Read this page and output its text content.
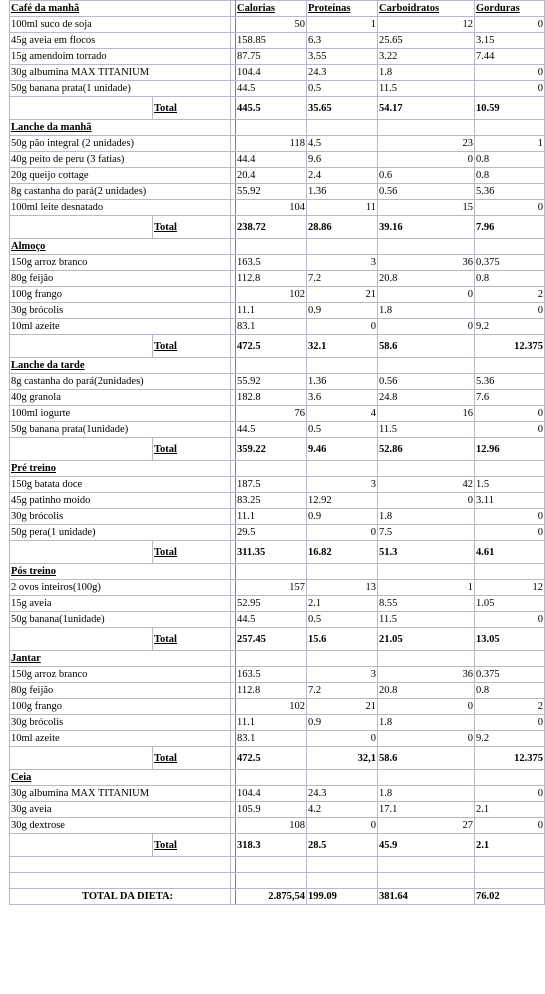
Café da manhã			Calorias	Proteínas	Carboidratos	Gorduras
100ml suco de soja			50	1	12	0
45g aveia em flocos			158.85	6.3	25.65	3.15
15g amendoim torrado			87.75	3.55	3.22	7.44
30g albumina MAX TITANIUM			104.4	24.3	1.8	0
50g banana prata(1 unidade)			44.5	0.5	11.5	0
	Total		445.5	35.65	54.17	10.59
Lanche da manhã						
50g pão integral (2 unidades)			118	4.5	23	1
40g peito de peru (3 fatias)			44.4	9.6	0	0.8
20g queijo cottage			20.4	2.4	0.6	0.8
8g castanha do pará(2 unidades)			55.92	1.36	0.56	5.36
100ml leite desnatado			104	11	15	0
	Total		238.72	28.86	39.16	7.96
Almoço						
150g arroz branco			163.5	3	36	0.375
80g feijão			112.8	7.2	20.8	0.8
100g frango			102	21	0	2
30g brócolis			11.1	0.9	1.8	0
10ml azeite			83.1	0	0	9.2
	Total		472.5	32.1	58.6	12.375
Lanche da tarde						
8g castanha do pará(2unidades)			55.92	1.36	0.56	5.36
40g granola			182.8	3.6	24.8	7.6
100ml iogurte			76	4	16	0
50g banana prata(1unidade)			44.5	0.5	11.5	0
	Total		359.22	9.46	52.86	12.96
Pré treino						
150g batata doce			187.5	3	42	1.5
45g patinho moído			83.25	12.92	0	3.11
30g brócolis			11.1	0.9	1.8	0
50g pera(1 unidade)			29.5	0	7.5	0
	Total		311.35	16.82	51.3	4.61
Pós treino						
2 ovos inteiros(100g)			157	13	1	12
15g aveia			52.95	2.1	8.55	1.05
50g banana(1unidade)			44.5	0.5	11.5	0
	Total		257.45	15.6	21.05	13.05
Jantar						
150g arroz branco			163.5	3	36	0.375
80g feijão			112.8	7.2	20.8	0.8
100g frango			102	21	0	2
30g brócolis			11.1	0.9	1.8	0
10ml azeite			83.1	0	0	9.2
	Total		472.5	32,1	58.6	12.375
Ceia						
30g albumina MAX TITANIUM			104.4	24.3	1.8	0
30g aveia			105.9	4.2	17.1	2.1
30g dextrose			108	0	27	0
	Total		318.3	28.5	45.9	2.1

TOTAL DA DIETA:			2.875,54	199.09	381.64	76.02
